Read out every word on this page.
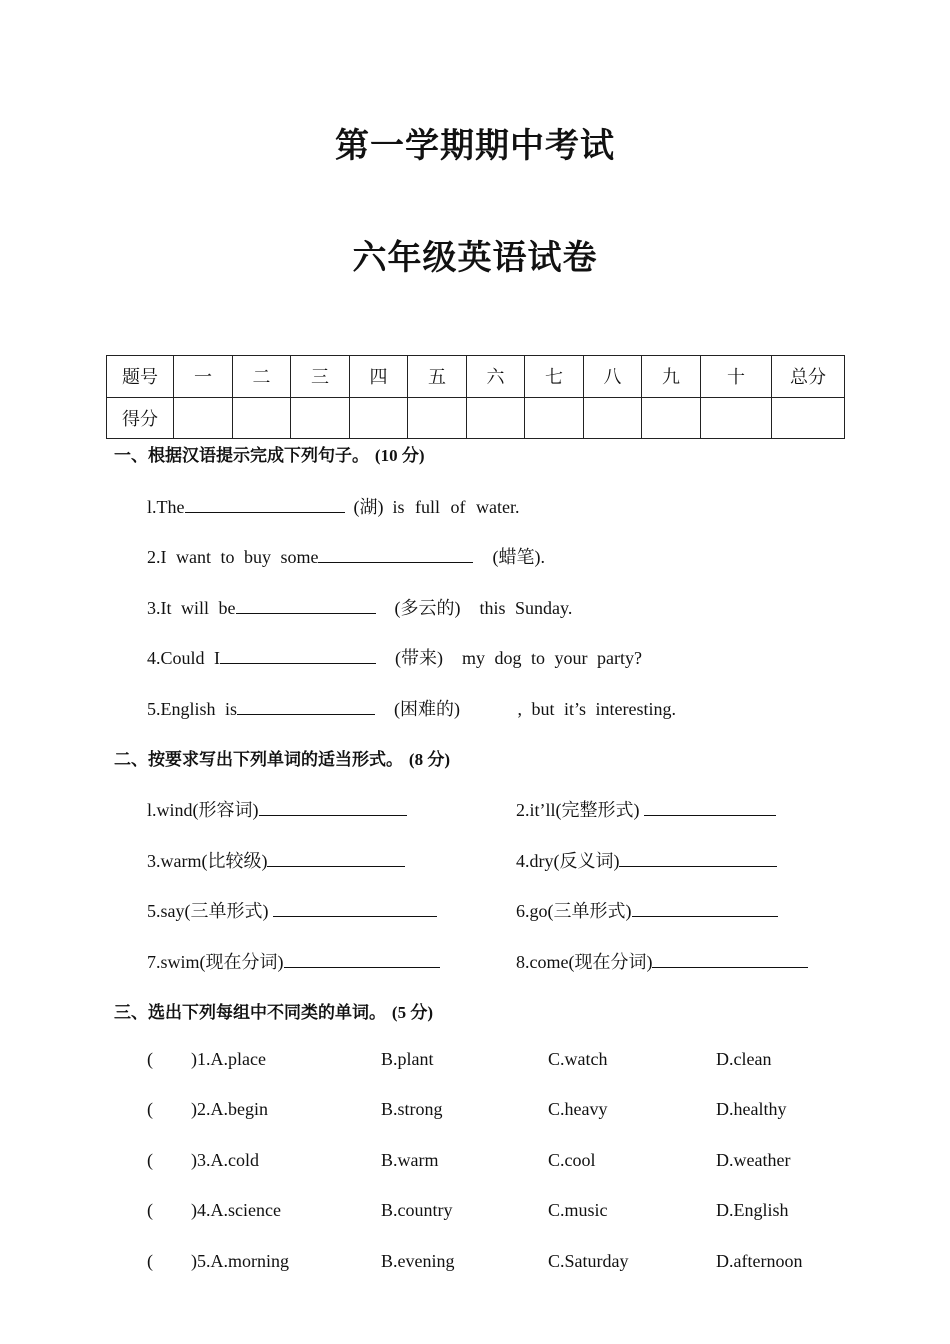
第一学期期中考试
六年级英语试卷
题号	一	二	三	四	五	六	七	八	九	十	总分
得分											
一、根据汉语提示完成下列句子。 (10 分)
l.The	(湖) is full of water.
2.I want to buy some	(蜡笔).
3.It will be	(多云的) this Sunday.
4.Could I	(带来) my dog to your party?
5.English is	(困难的)	, but it’s interesting.
二、按要求写出下列单词的适当形式。 (8 分)
l.wind(形容词)	2.it’ll(完整形式)
3.warm(比较级)	4.dry(反义词)
5.say(三单形式)	6.go(三单形式)
7.swim(现在分词)	8.come(现在分词)
三、选出下列每组中不同类的单词。 (5 分)
( )1.A.place	B.plant	C.watch	D.clean
( )2.A.begin	B.strong	C.heavy	D.healthy
( )3.A.cold	B.warm	C.cool	D.weather
( )4.A.science	B.country	C.music	D.English
( )5.A.morning	B.evening	C.Saturday	D.afternoon
